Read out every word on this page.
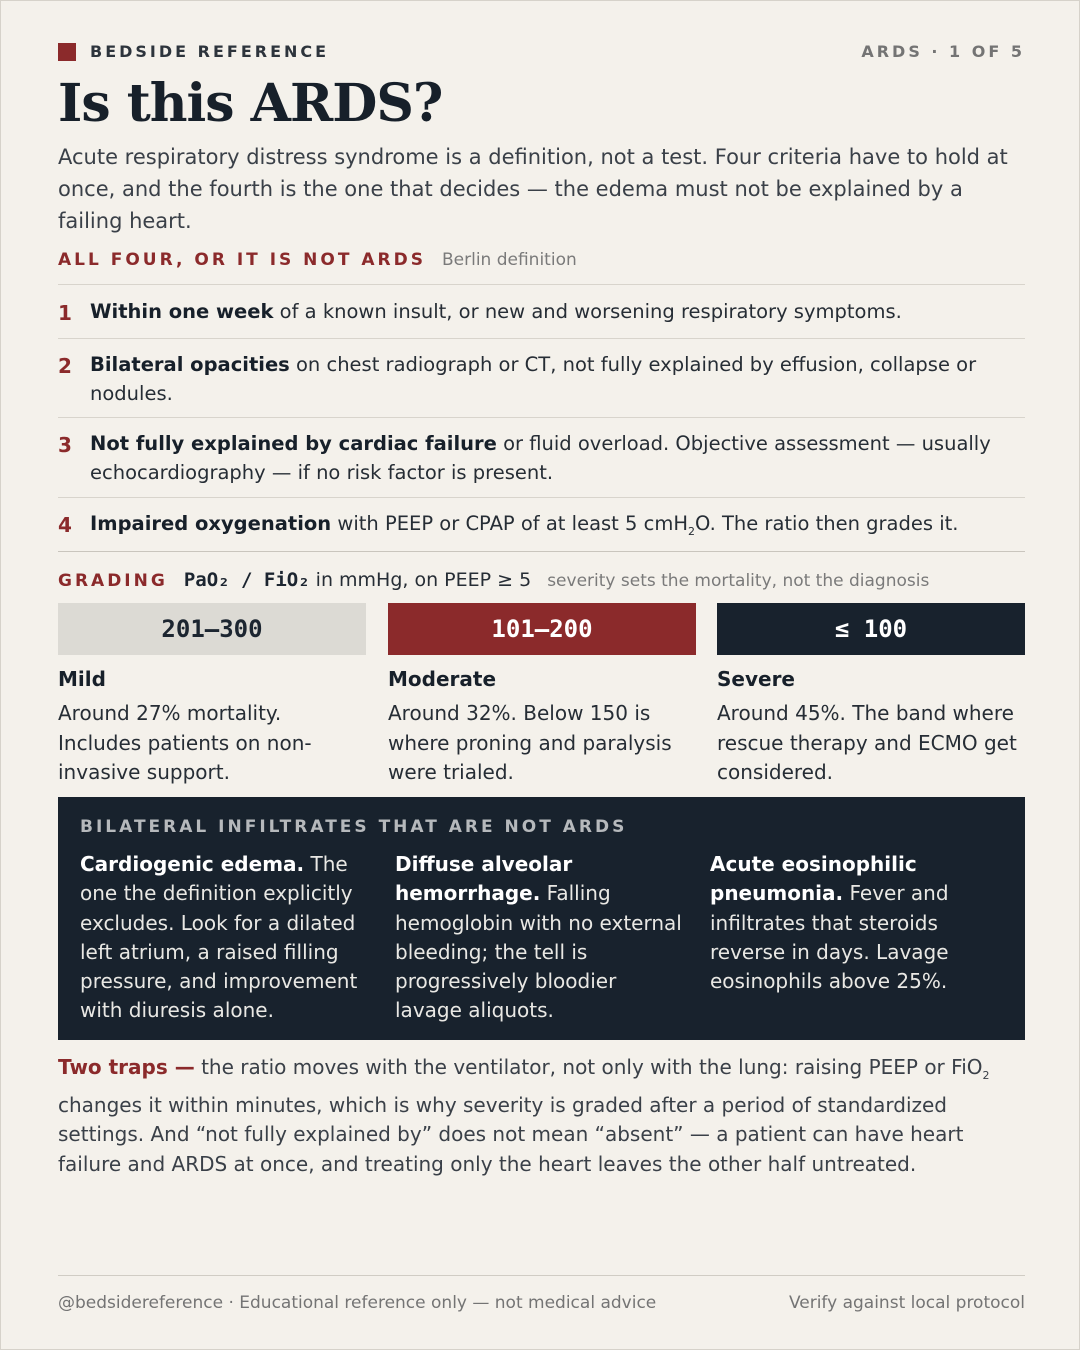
BEDSIDE REFERENCE	ARDS · 1 OF 5
Is this ARDS?

Acute respiratory distress syndrome is a definition, not a test. Four criteria have to hold at once, and the fourth is the one that decides — the edema must not be explained by a failing heart.

ALL FOUR, OR IT IS NOT ARDS Berlin definition
1 Within one week of a known insult, or new and worsening respiratory symptoms.
2 Bilateral opacities on chest radiograph or CT, not fully explained by effusion, collapse or nodules.
3 Not fully explained by cardiac failure or fluid overload. Objective assessment — usually echocardiography — if no risk factor is present.
4 Impaired oxygenation with PEEP or CPAP of at least 5 cmH$_2$O. The ratio then grades it.
GRADING PaO₂ / FiO₂ in mmHg, on PEEP ≥ 5 severity sets the mortality, not the diagnosis
201–300
Mild
Around 27% mortality. Includes patients on non-invasive support.
101–200
Moderate
Around 32%. Below 150 is where proning and paralysis were trialed.
≤ 100
Severe
Around 45%. The band where rescue therapy and ECMO get considered.
BILATERAL INFILTRATES THAT ARE NOT ARDS
Cardiogenic edema. The one the definition explicitly excludes. Look for a dilated left atrium, a raised filling pressure, and improvement with diuresis alone.
Diffuse alveolar hemorrhage. Falling hemoglobin with no external bleeding; the tell is progressively bloodier lavage aliquots.
Acute eosinophilic pneumonia. Fever and infiltrates that steroids reverse in days. Lavage eosinophils above 25%.

Two traps — the ratio moves with the ventilator, not only with the lung: raising PEEP or FiO$_2$ changes it within minutes, which is why severity is graded after a period of standardized settings. And “not fully explained by” does not mean “absent” — a patient can have heart failure and ARDS at once, and treating only the heart leaves the other half untreated.

@bedsidereference · Educational reference only — not medical advice	Verify against local protocol
